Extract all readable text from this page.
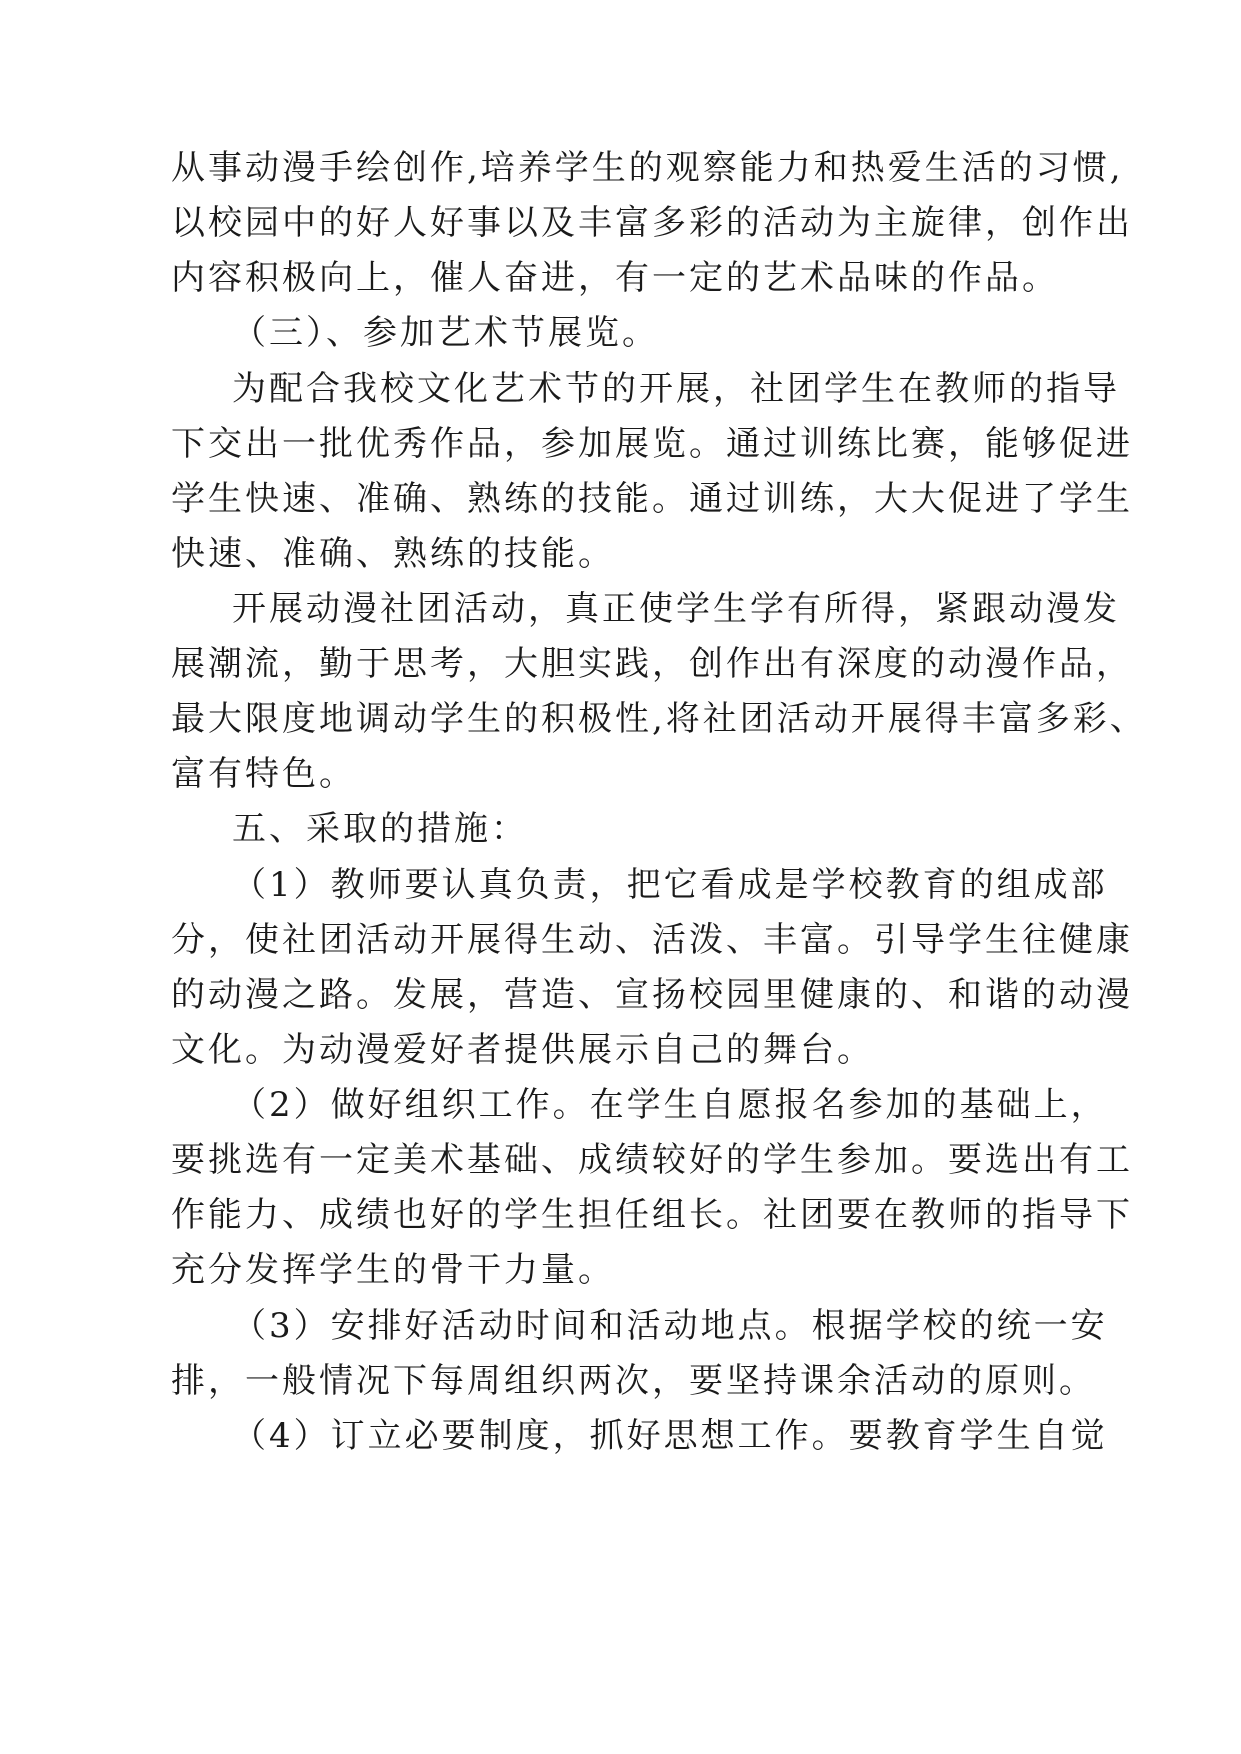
从事动漫手绘创作,培养学生的观察能力和热爱生活的习惯,
以校园中的好人好事以及丰富多彩的活动为主旋律，创作出
内容积极向上，催人奋进，有一定的艺术品味的作品。
（三）、参加艺术节展览。
为配合我校文化艺术节的开展，社团学生在教师的指导
下交出一批优秀作品，参加展览。通过训练比赛，能够促进
学生快速、准确、熟练的技能。通过训练，大大促进了学生
快速、准确、熟练的技能。
开展动漫社团活动，真正使学生学有所得，紧跟动漫发
展潮流，勤于思考，大胆实践，创作出有深度的动漫作品，
最大限度地调动学生的积极性,将社团活动开展得丰富多彩、
富有特色。
五、采取的措施：
（1）教师要认真负责，把它看成是学校教育的组成部
分，使社团活动开展得生动、活泼、丰富。引导学生往健康
的动漫之路。发展，营造、宣扬校园里健康的、和谐的动漫
文化。为动漫爱好者提供展示自己的舞台。
（2）做好组织工作。在学生自愿报名参加的基础上，
要挑选有一定美术基础、成绩较好的学生参加。要选出有工
作能力、成绩也好的学生担任组长。社团要在教师的指导下
充分发挥学生的骨干力量。
（3）安排好活动时间和活动地点。根据学校的统一安
排，一般情况下每周组织两次，要坚持课余活动的原则。
（4）订立必要制度，抓好思想工作。要教育学生自觉
